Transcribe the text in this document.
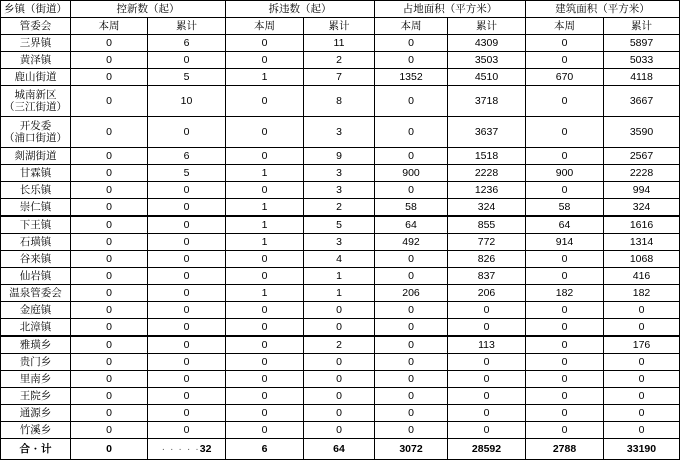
乡镇（街道）	控新数（起）		拆违数（起）		占地面积（平方米）		建筑面积（平方米）	
管委会	本周	累计	本周	累计	本周	累计	本周	累计
三界镇	0	6	0	11	0	4309	0	5897
黄泽镇	0	0	0	2	0	3503	0	5033
鹿山街道	0	5	1	7	1352	4510	670	4118

城南新区
（三江街道）	0	10	0	8	0	3718	0	3667

开发委
（浦口街道）	0	0	0	3	0	3637	0	3590
剡湖街道	0	6	0	9	0	1518	0	2567
甘霖镇	0	5	1	3	900	2228	900	2228
长乐镇	0	0	0	3	0	1236	0	994
崇仁镇	0	0	1	2	58	324	58	324
下王镇	0	0	1	5	64	855	64	1616
石璜镇	0	0	1	3	492	772	914	1314
谷来镇	0	0	0	4	0	826	0	1068
仙岩镇	0	0	0	1	0	837	0	416
温泉管委会	0	0	1	1	206	206	182	182
金庭镇	0	0	0	0	0	0	0	0
北漳镇	0	0	0	0	0	0	0	0
雅璜乡	0	0	0	2	0	113	0	176
贵门乡	0	0	0	0	0	0	0	0
里南乡	0	0	0	0	0	0	0	0
王院乡	0	0	0	0	0	0	0	0
通源乡	0	0	0	0	0	0	0	0
竹溪乡	0	0	0	0	0	0	0	0
合 · 计	0	· · · · ·32	6	64	3072	28592	2788	33190
